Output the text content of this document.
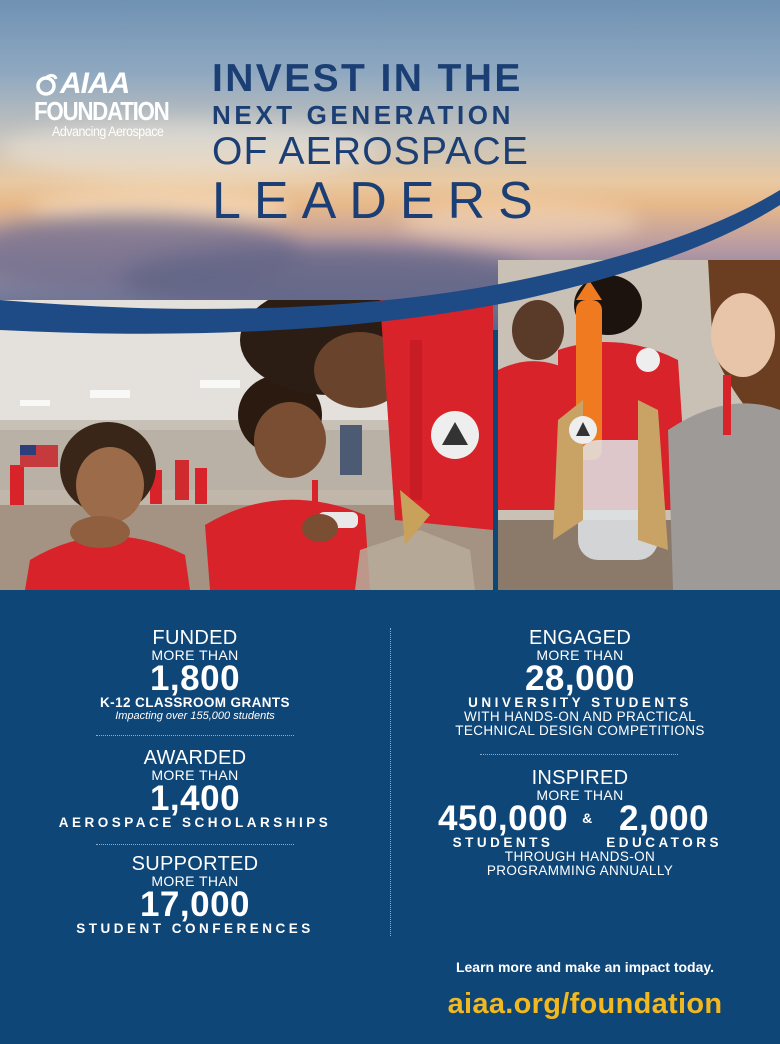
AIAA
FOUNDATION
Advancing Aerospace
INVEST IN THE
NEXT GENERATION
OF AEROSPACE
LEADERS
FUNDED
MORE THAN
1,800
K-12 CLASSROOM GRANTS
Impacting over 155,000 students
AWARDED
MORE THAN
1,400
AEROSPACE SCHOLARSHIPS
SUPPORTED
MORE THAN
17,000
STUDENT CONFERENCES
ENGAGED
MORE THAN
28,000
UNIVERSITY STUDENTS
WITH HANDS-ON AND PRACTICAL
TECHNICAL DESIGN COMPETITIONS
INSPIRED
MORE THAN
450,000
STUDENTS
& 2,000
EDUCATORS
THROUGH HANDS-ON
PROGRAMMING ANNUALLY
Learn more and make an impact today.
aiaa.org/foundation
